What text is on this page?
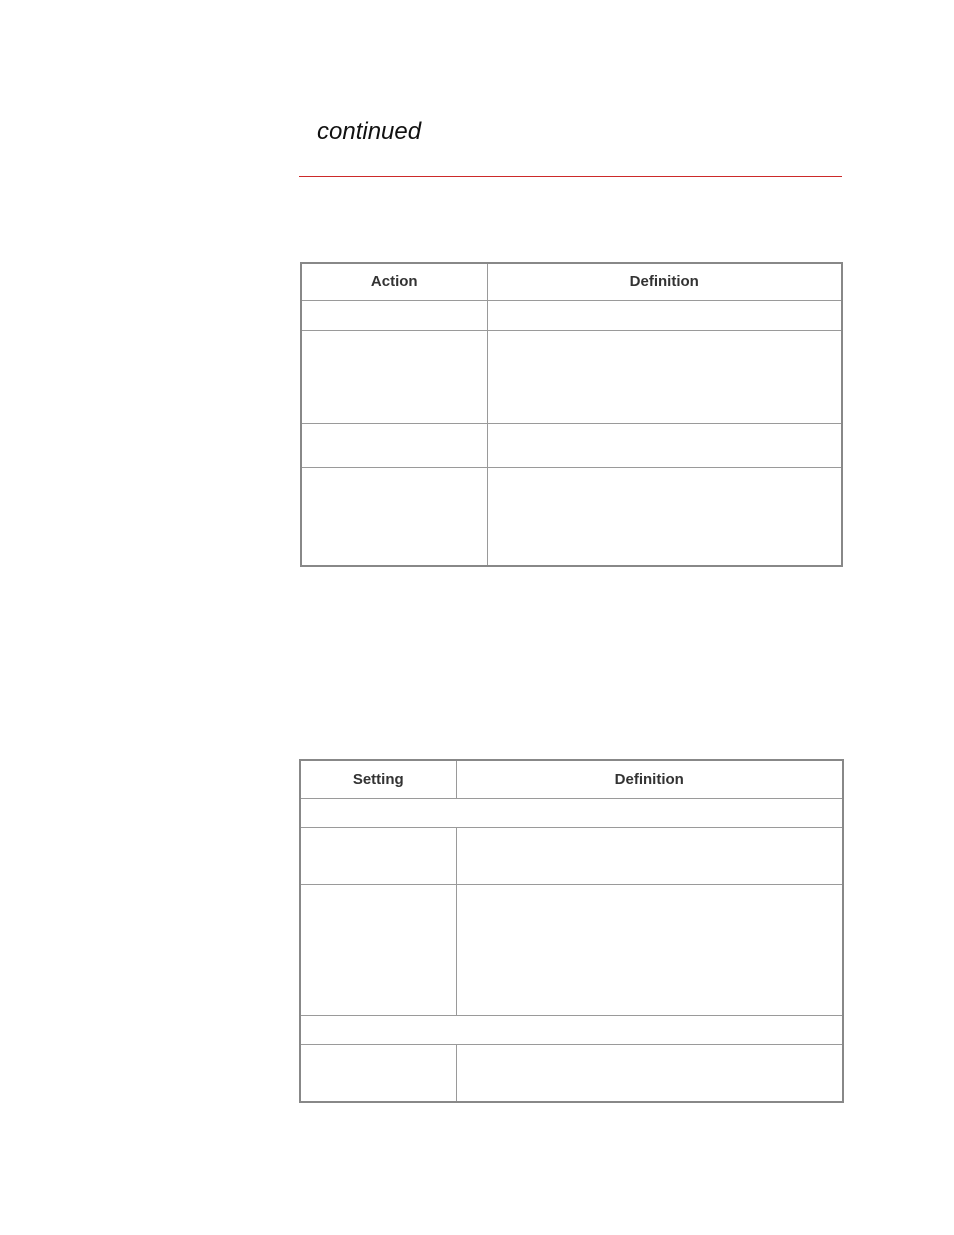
continued
Action	Definition

Setting	Definition
